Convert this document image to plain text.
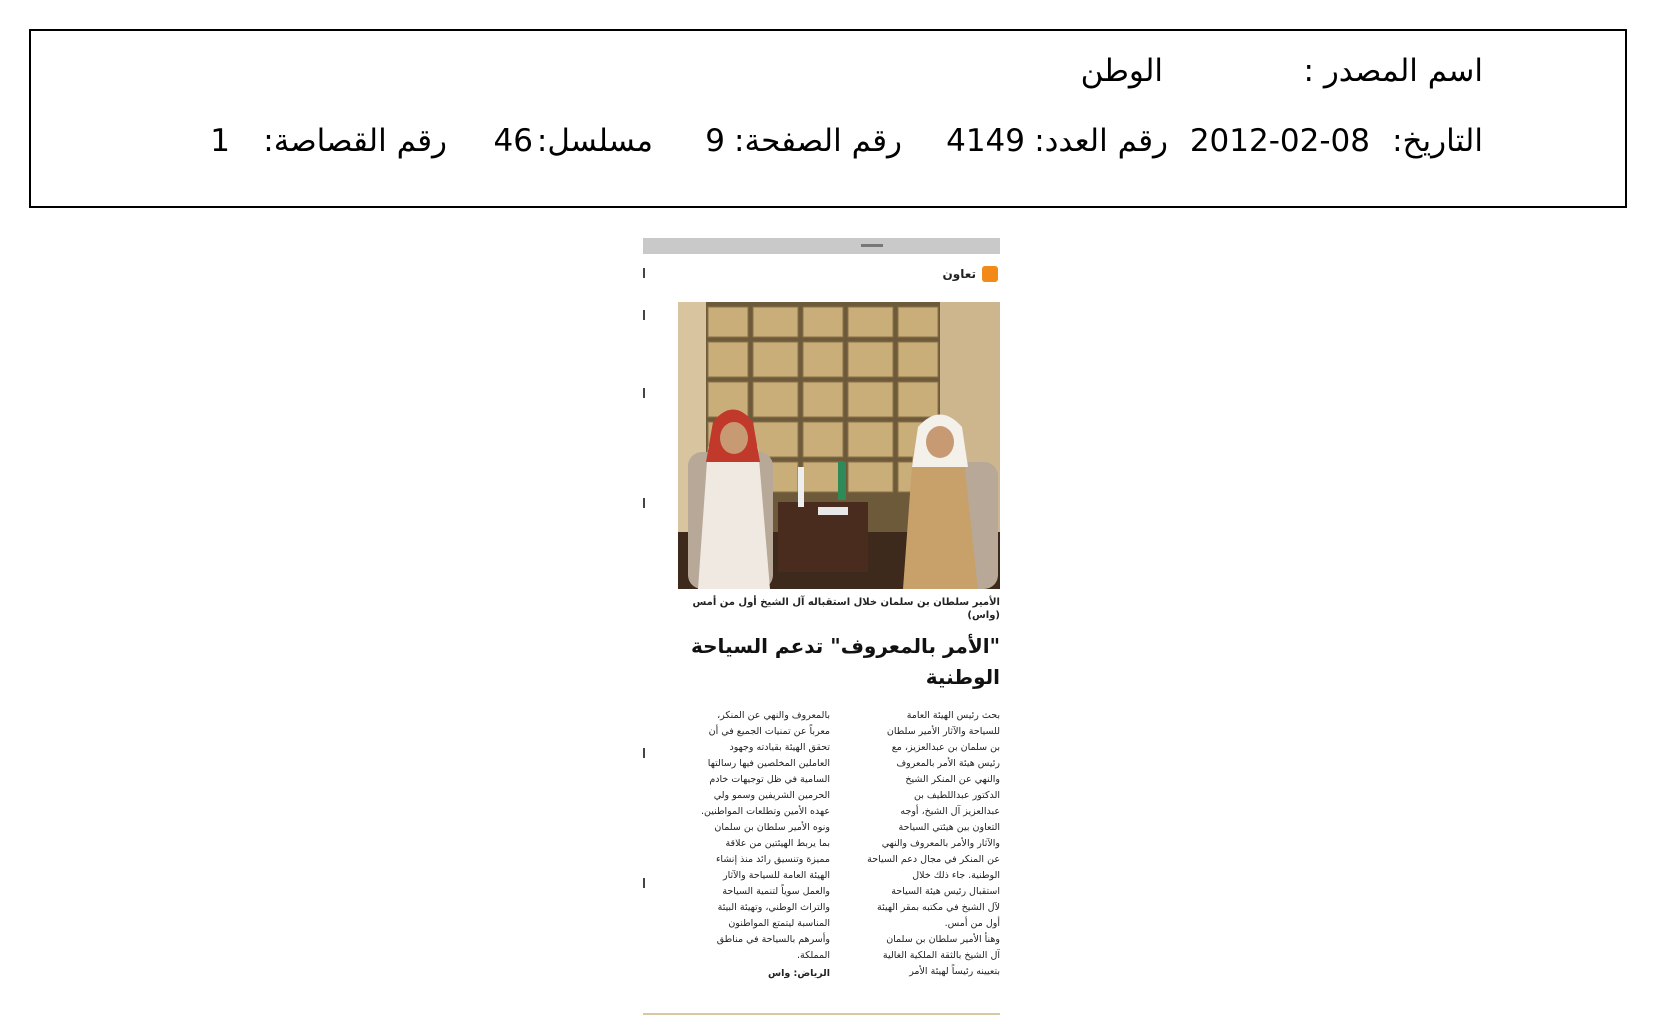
اسم المصدر :
الوطن
التاريخ:
2012-02-08
رقم العدد:
4149
رقم الصفحة:
9
مسلسل:
46
رقم القصاصة:
1
تعاون
الأمير سلطان بن سلمان خلال استقباله آل الشيخ أول من أمس
(واس)
"الأمر بالمعروف" تدعم السياحة
الوطنية
بحث رئيس الهيئة العامة
للسياحة والآثار الأمير سلطان
بن سلمان بن عبدالعزيز، مع
رئيس هيئة الأمر بالمعروف
والنهي عن المنكر الشيخ
الدكتور عبداللطيف بن
عبدالعزيز آل الشيخ، أوجه
التعاون بين هيئتي السياحة
والآثار والأمر بالمعروف والنهي
عن المنكر في مجال دعم السياحة
الوطنية. جاء ذلك خلال
استقبال رئيس هيئة السياحة
لآل الشيخ في مكتبه بمقر الهيئة
أول من أمس.
وهنأ الأمير سلطان بن سلمان
آل الشيخ بالثقة الملكية الغالية
بتعيينه رئيساً لهيئة الأمر
بالمعروف والنهي عن المنكر،
معرباً عن تمنيات الجميع في أن
تحقق الهيئة بقيادته وجهود
العاملين المخلصين فيها رسالتها
السامية في ظل توجيهات خادم
الحرمين الشريفين وسمو ولي
عهده الأمين وتطلعات المواطنين.
ونوه الأمير سلطان بن سلمان
بما يربط الهيئتين من علاقة
مميزة وتنسيق رائد منذ إنشاء
الهيئة العامة للسياحة والآثار
والعمل سوياً لتنمية السياحة
والتراث الوطني، وتهيئة البيئة
المناسبة ليتمتع المواطنون
وأسرهم بالسياحة في مناطق
المملكة.
الرياض: واس
